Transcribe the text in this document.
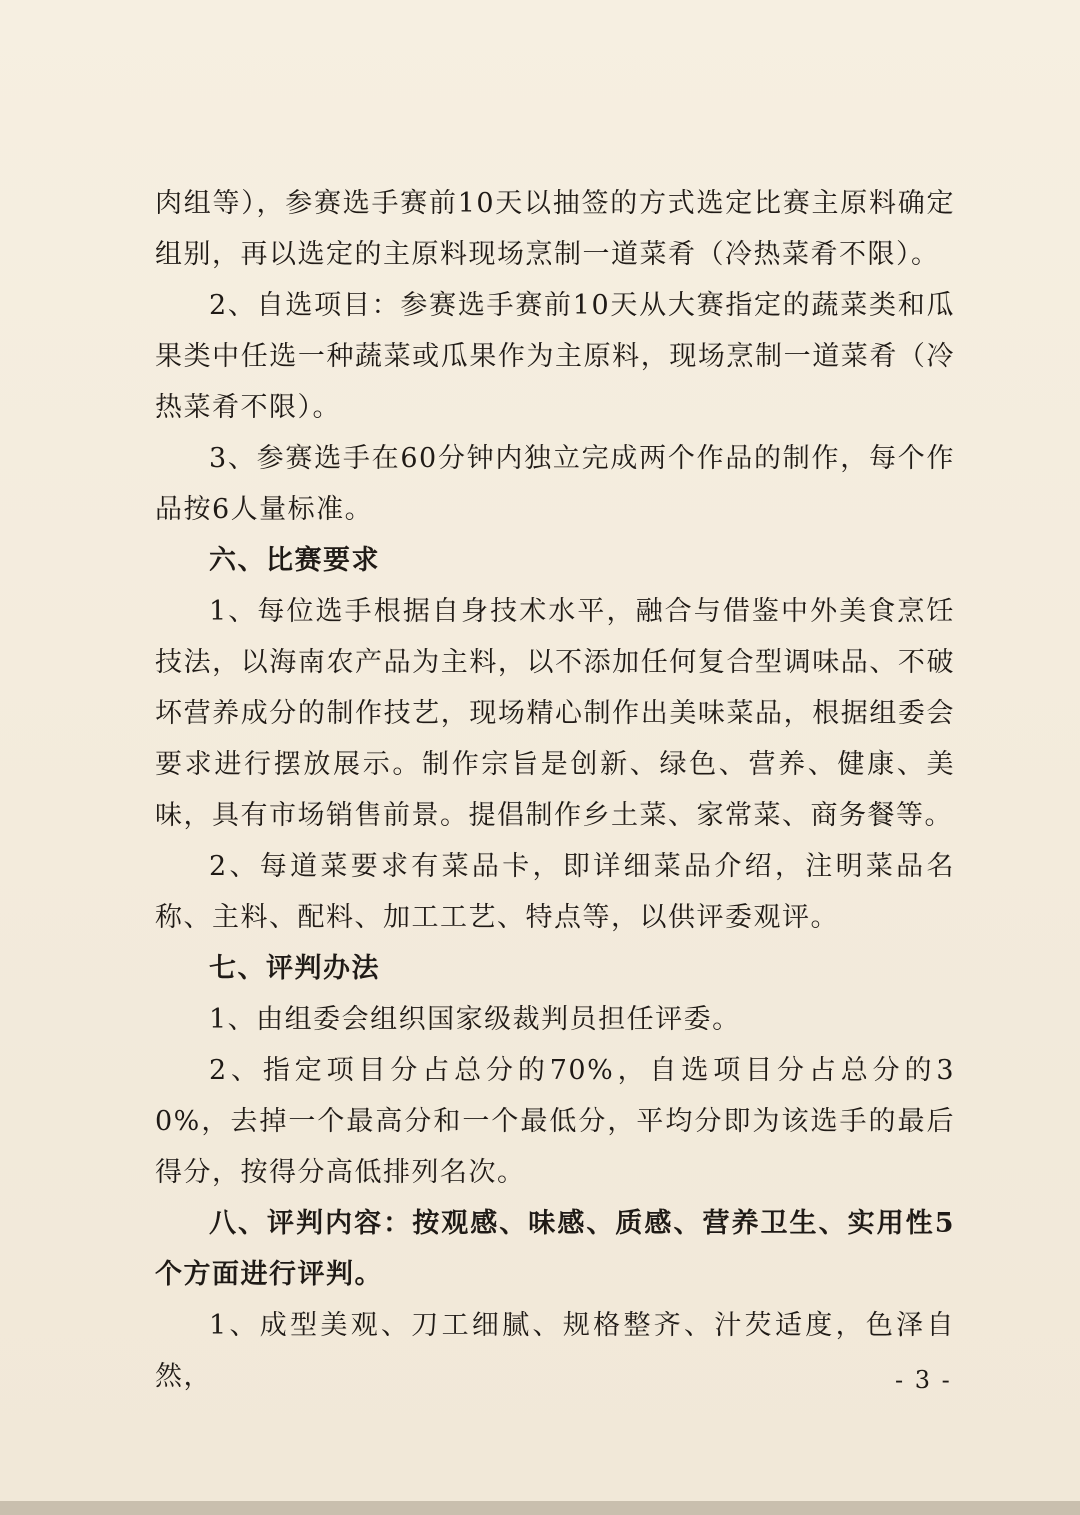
肉组等），参赛选手赛前10天以抽签的方式选定比赛主原料确定组别，再以选定的主原料现场烹制一道菜肴（冷热菜肴不限）。

2、自选项目：参赛选手赛前10天从大赛指定的蔬菜类和瓜果类中任选一种蔬菜或瓜果作为主原料，现场烹制一道菜肴（冷热菜肴不限）。

3、参赛选手在60分钟内独立完成两个作品的制作，每个作品按6人量标准。

六、比赛要求

1、每位选手根据自身技术水平，融合与借鉴中外美食烹饪技法，以海南农产品为主料，以不添加任何复合型调味品、不破坏营养成分的制作技艺，现场精心制作出美味菜品，根据组委会要求进行摆放展示。制作宗旨是创新、绿色、营养、健康、美味，具有市场销售前景。提倡制作乡土菜、家常菜、商务餐等。

2、每道菜要求有菜品卡，即详细菜品介绍，注明菜品名称、主料、配料、加工工艺、特点等，以供评委观评。

七、评判办法

1、由组委会组织国家级裁判员担任评委。

2、指定项目分占总分的70%，自选项目分占总分的30%，去掉一个最高分和一个最低分，平均分即为该选手的最后得分，按得分高低排列名次。

八、评判内容：按观感、味感、质感、营养卫生、实用性5个方面进行评判。

1、成型美观、刀工细腻、规格整齐、汁芡适度，色泽自然，	- 3 -
